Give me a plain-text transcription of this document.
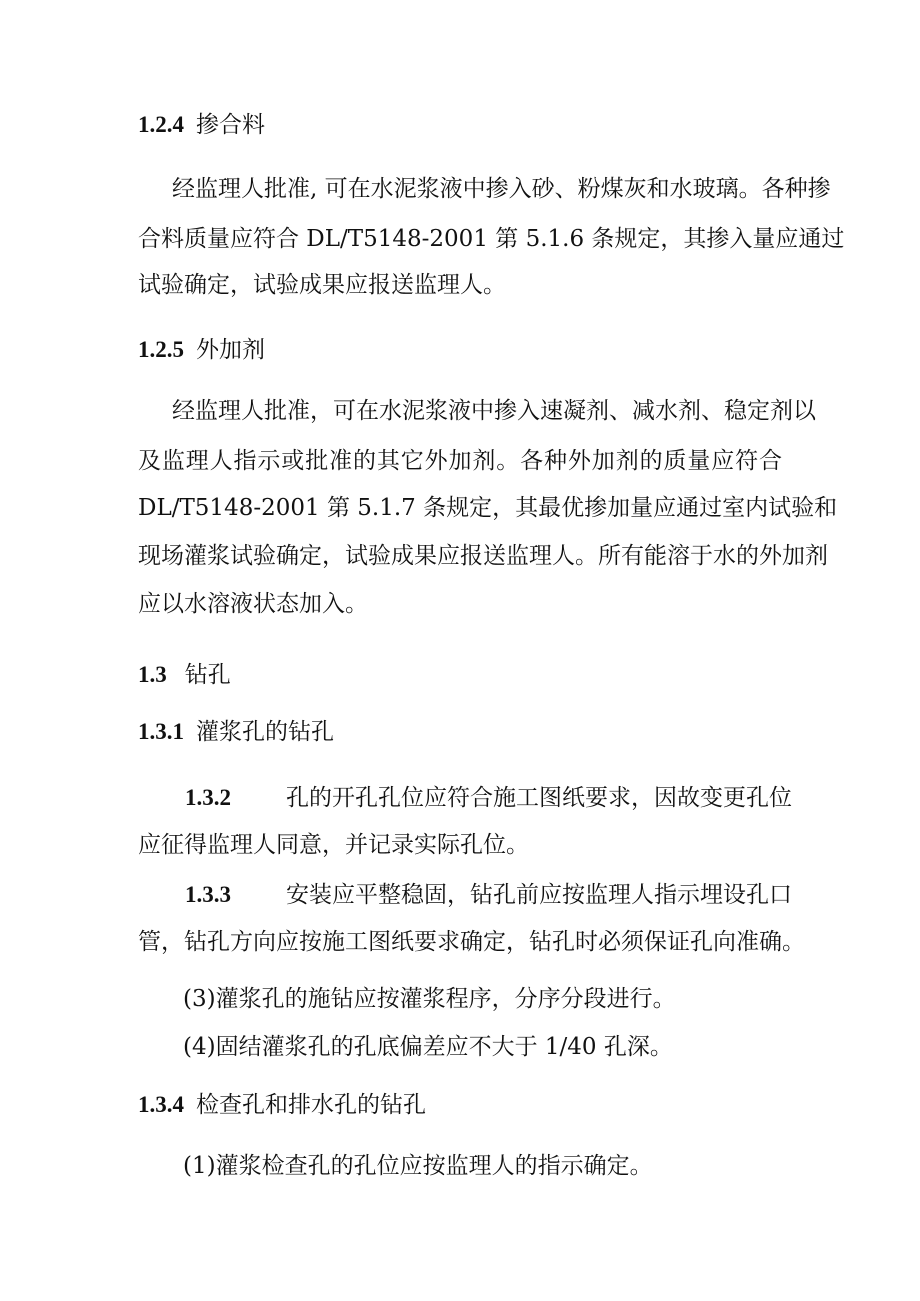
1.2.4 掺合料
经监理人批准, 可在水泥浆液中掺入砂、粉煤灰和水玻璃。各种掺
合料质量应符合 DL/T5148-2001 第 5.1.6 条规定，其掺入量应通过
试验确定，试验成果应报送监理人。
1.2.5 外加剂
经监理人批准，可在水泥浆液中掺入速凝剂、减水剂、稳定剂以
及监理人指示或批准的其它外加剂。各种外加剂的质量应符合
DL/T5148-2001 第 5.1.7 条规定，其最优掺加量应通过室内试验和
现场灌浆试验确定，试验成果应报送监理人。所有能溶于水的外加剂
应以水溶液状态加入。
1.3 钻孔
1.3.1 灌浆孔的钻孔
1.3.2 孔的开孔孔位应符合施工图纸要求，因故变更孔位
应征得监理人同意，并记录实际孔位。
1.3.3 安装应平整稳固，钻孔前应按监理人指示埋设孔口
管，钻孔方向应按施工图纸要求确定，钻孔时必须保证孔向准确。
(3)灌浆孔的施钻应按灌浆程序，分序分段进行。
(4)固结灌浆孔的孔底偏差应不大于 1/40 孔深。
1.3.4 检查孔和排水孔的钻孔
(1)灌浆检查孔的孔位应按监理人的指示确定。
